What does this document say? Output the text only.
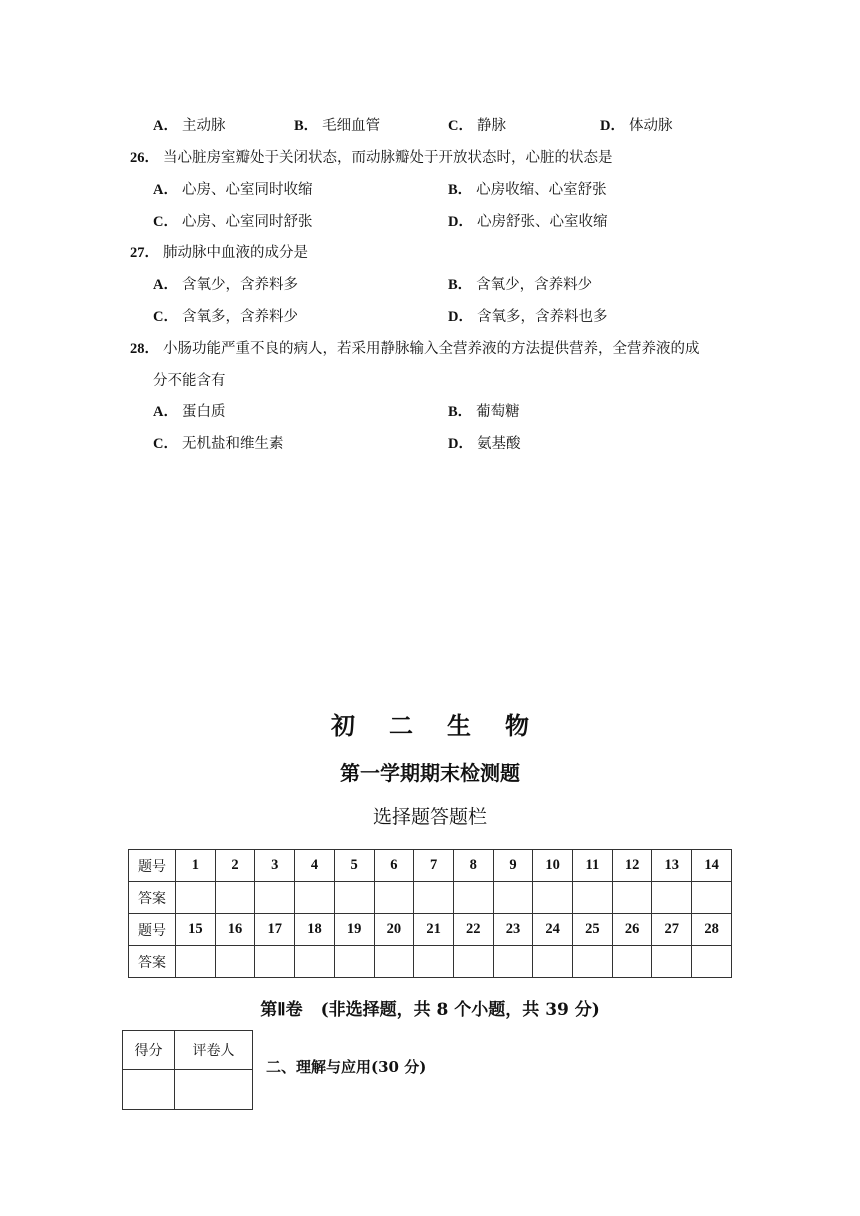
A． 主动脉	B． 毛细血管	C． 静脉	D． 体动脉
26． 当心脏房室瓣处于关闭状态，而动脉瓣处于开放状态时，心脏的状态是
A． 心房、心室同时收缩	B． 心房收缩、心室舒张
C． 心房、心室同时舒张	D． 心房舒张、心室收缩
27． 肺动脉中血液的成分是
A． 含氧少，含养料多	B． 含氧少，含养料少
C． 含氧多，含养料少	D． 含氧多，含养料也多
28． 小肠功能严重不良的病人，若采用静脉输入全营养液的方法提供营养，全营养液的成
分不能含有
A． 蛋白质	B． 葡萄糖
C． 无机盐和维生素	D． 氨基酸
初二生物
第一学期期末检测题
选择题答题栏
题号	1	2	3	4	5	6	7	8	9	10	11	12	13	14
答案														
题号	15	16	17	18	19	20	21	22	23	24	25	26	27	28
答案														
第Ⅱ卷 (非选择题，共 8 个小题，共 39 分)
得分	评卷人

二、理解与应用(30 分)
